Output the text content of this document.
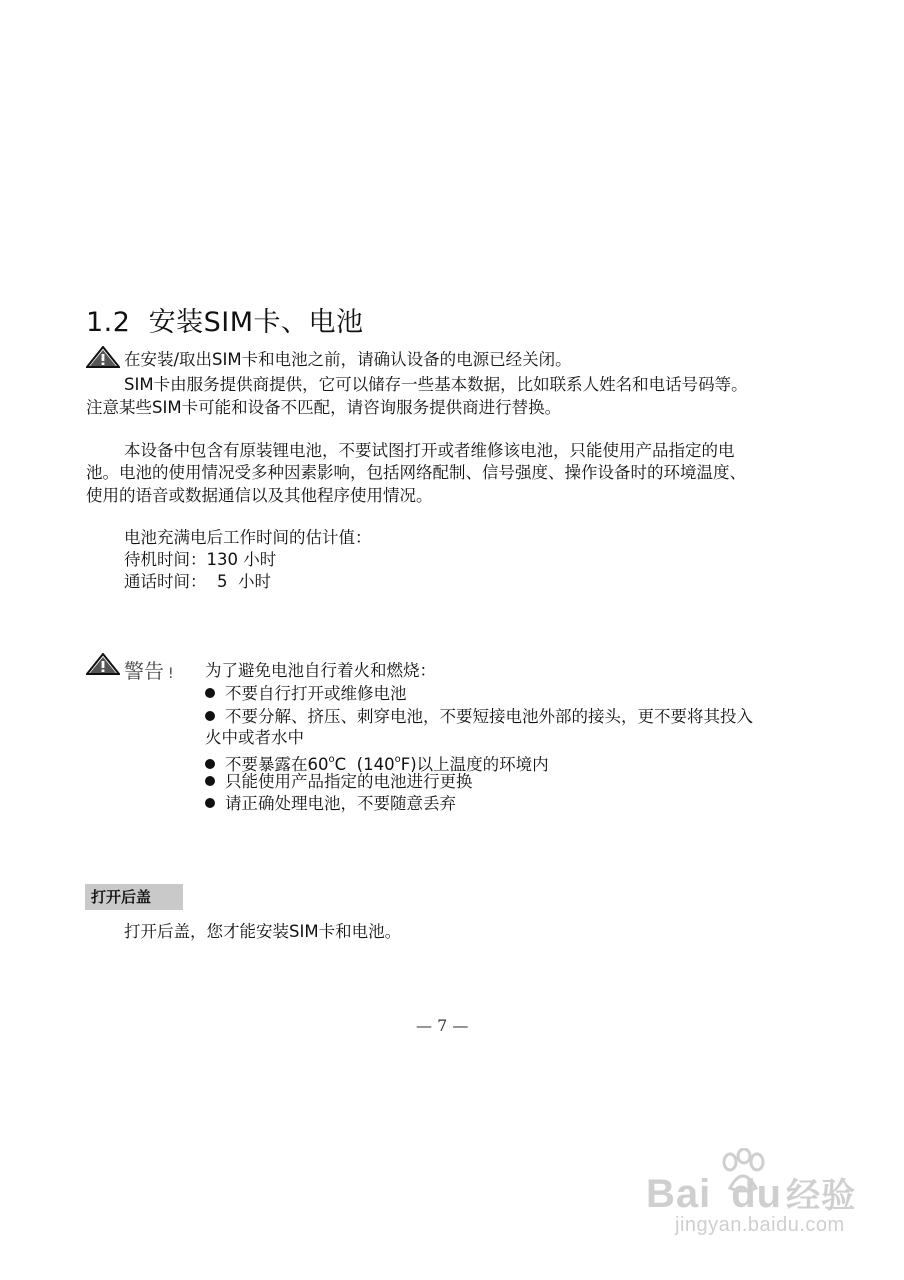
1.2 安装SIM卡、电池
在安装/取出SIM卡和电池之前，请确认设备的电源已经关闭。
SIM卡由服务提供商提供，它可以储存一些基本数据，比如联系人姓名和电话号码等。
注意某些SIM卡可能和设备不匹配，请咨询服务提供商进行替换。
本设备中包含有原装锂电池，不要试图打开或者维修该电池，只能使用产品指定的电
池。电池的使用情况受多种因素影响，包括网络配制、信号强度、操作设备时的环境温度、
使用的语音或数据通信以及其他程序使用情况。
电池充满电后工作时间的估计值：
待机时间：130 小时
通话时间：  5  小时
警告 ! 为了避免电池自行着火和燃烧：
不要自行打开或维修电池
不要分解、挤压、刺穿电池，不要短接电池外部的接头，更不要将其投入
火中或者水中
不要暴露在60$^o$C  (140$^o$F)以上温度的环境内
只能使用产品指定的电池进行更换
请正确处理电池，不要随意丢弃
打开后盖
打开后盖，您才能安装SIM卡和电池。
— 7 —
Bai du 经验
jingyan.baidu.com
